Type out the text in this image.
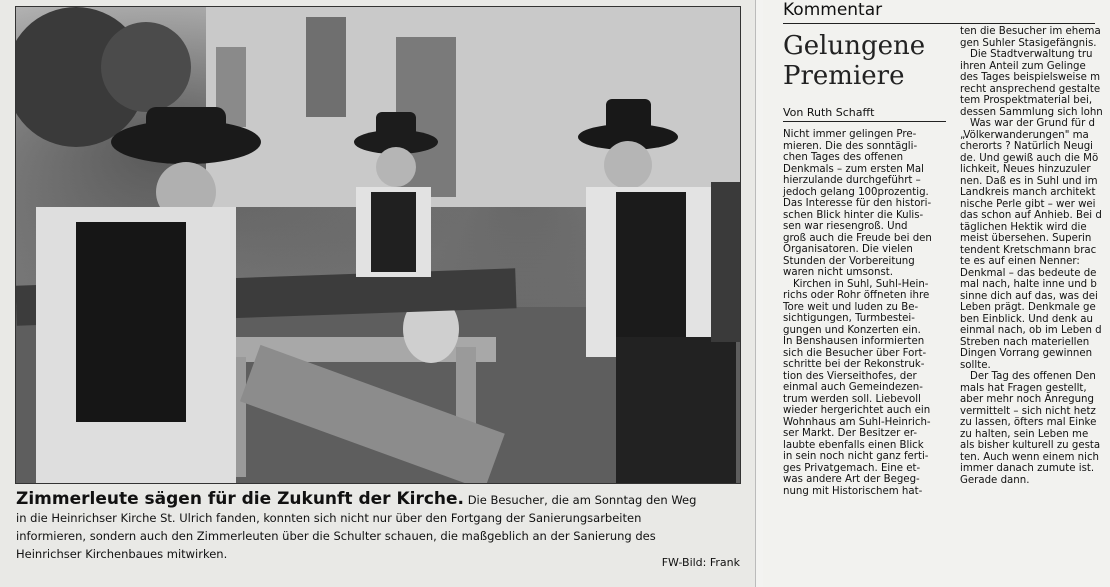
Zimmerleute sägen für die Zukunft der Kirche. Die Besucher, die am Sonntag den Weg

in die Heinrichser Kirche St. Ulrich fanden, konnten sich nicht nur über den Fortgang der Sanierungsarbeiten

informieren, sondern auch den Zimmerleuten über die Schulter schauen, die maßgeblich an der Sanierung des

Heinrichser Kirchenbaues mitwirken.

FW-Bild: Frank
Kommentar
Gelungene
Premiere
Von Ruth Schafft

Nicht immer gelingen Pre-

mieren. Die des sonntägli-

chen Tages des offenen

Denkmals – zum ersten Mal

hierzulande durchgeführt –

jedoch gelang 100prozentig.

Das Interesse für den histori-

schen Blick hinter die Kulis-

sen war riesengroß. Und

groß auch die Freude bei den

Organisatoren. Die vielen

Stunden der Vorbereitung

waren nicht umsonst.

Kirchen in Suhl, Suhl-Hein-

richs oder Rohr öffneten ihre

Tore weit und luden zu Be-

sichtigungen, Turmbestei-

gungen und Konzerten ein.

In Benshausen informierten

sich die Besucher über Fort-

schritte bei der Rekonstruk-

tion des Vierseithofes, der

einmal auch Gemeindezen-

trum werden soll. Liebevoll

wieder hergerichtet auch ein

Wohnhaus am Suhl-Heinrich-

ser Markt. Der Besitzer er-

laubte ebenfalls einen Blick

in sein noch nicht ganz ferti-

ges Privatgemach. Eine et-

was andere Art der Begeg-

nung mit Historischem hat-

ten die Besucher im ehema

gen Suhler Stasigefängnis.

Die Stadtverwaltung tru

ihren Anteil zum Gelinge

des Tages beispielsweise m

recht ansprechend gestalte

tem Prospektmaterial bei,

dessen Sammlung sich lohn

Was war der Grund für d

„Völkerwanderungen" ma

cherorts ? Natürlich Neugi

de. Und gewiß auch die Mö

lichkeit, Neues hinzuzuler

nen. Daß es in Suhl und im

Landkreis manch architekt

nische Perle gibt – wer wei

das schon auf Anhieb. Bei d

täglichen Hektik wird die

meist übersehen. Superin

tendent Kretschmann brac

te es auf einen Nenner:

Denkmal – das bedeute de

mal nach, halte inne und b

sinne dich auf das, was dei

Leben prägt. Denkmale ge

ben Einblick. Und denk au

einmal nach, ob im Leben d

Streben nach materiellen

Dingen Vorrang gewinnen

sollte.

Der Tag des offenen Den

mals hat Fragen gestellt,

aber mehr noch Anregung

vermittelt – sich nicht hetz

zu lassen, öfters mal Einke

zu halten, sein Leben me

als bisher kulturell zu gesta

ten. Auch wenn einem nich

immer danach zumute ist.

Gerade dann.
